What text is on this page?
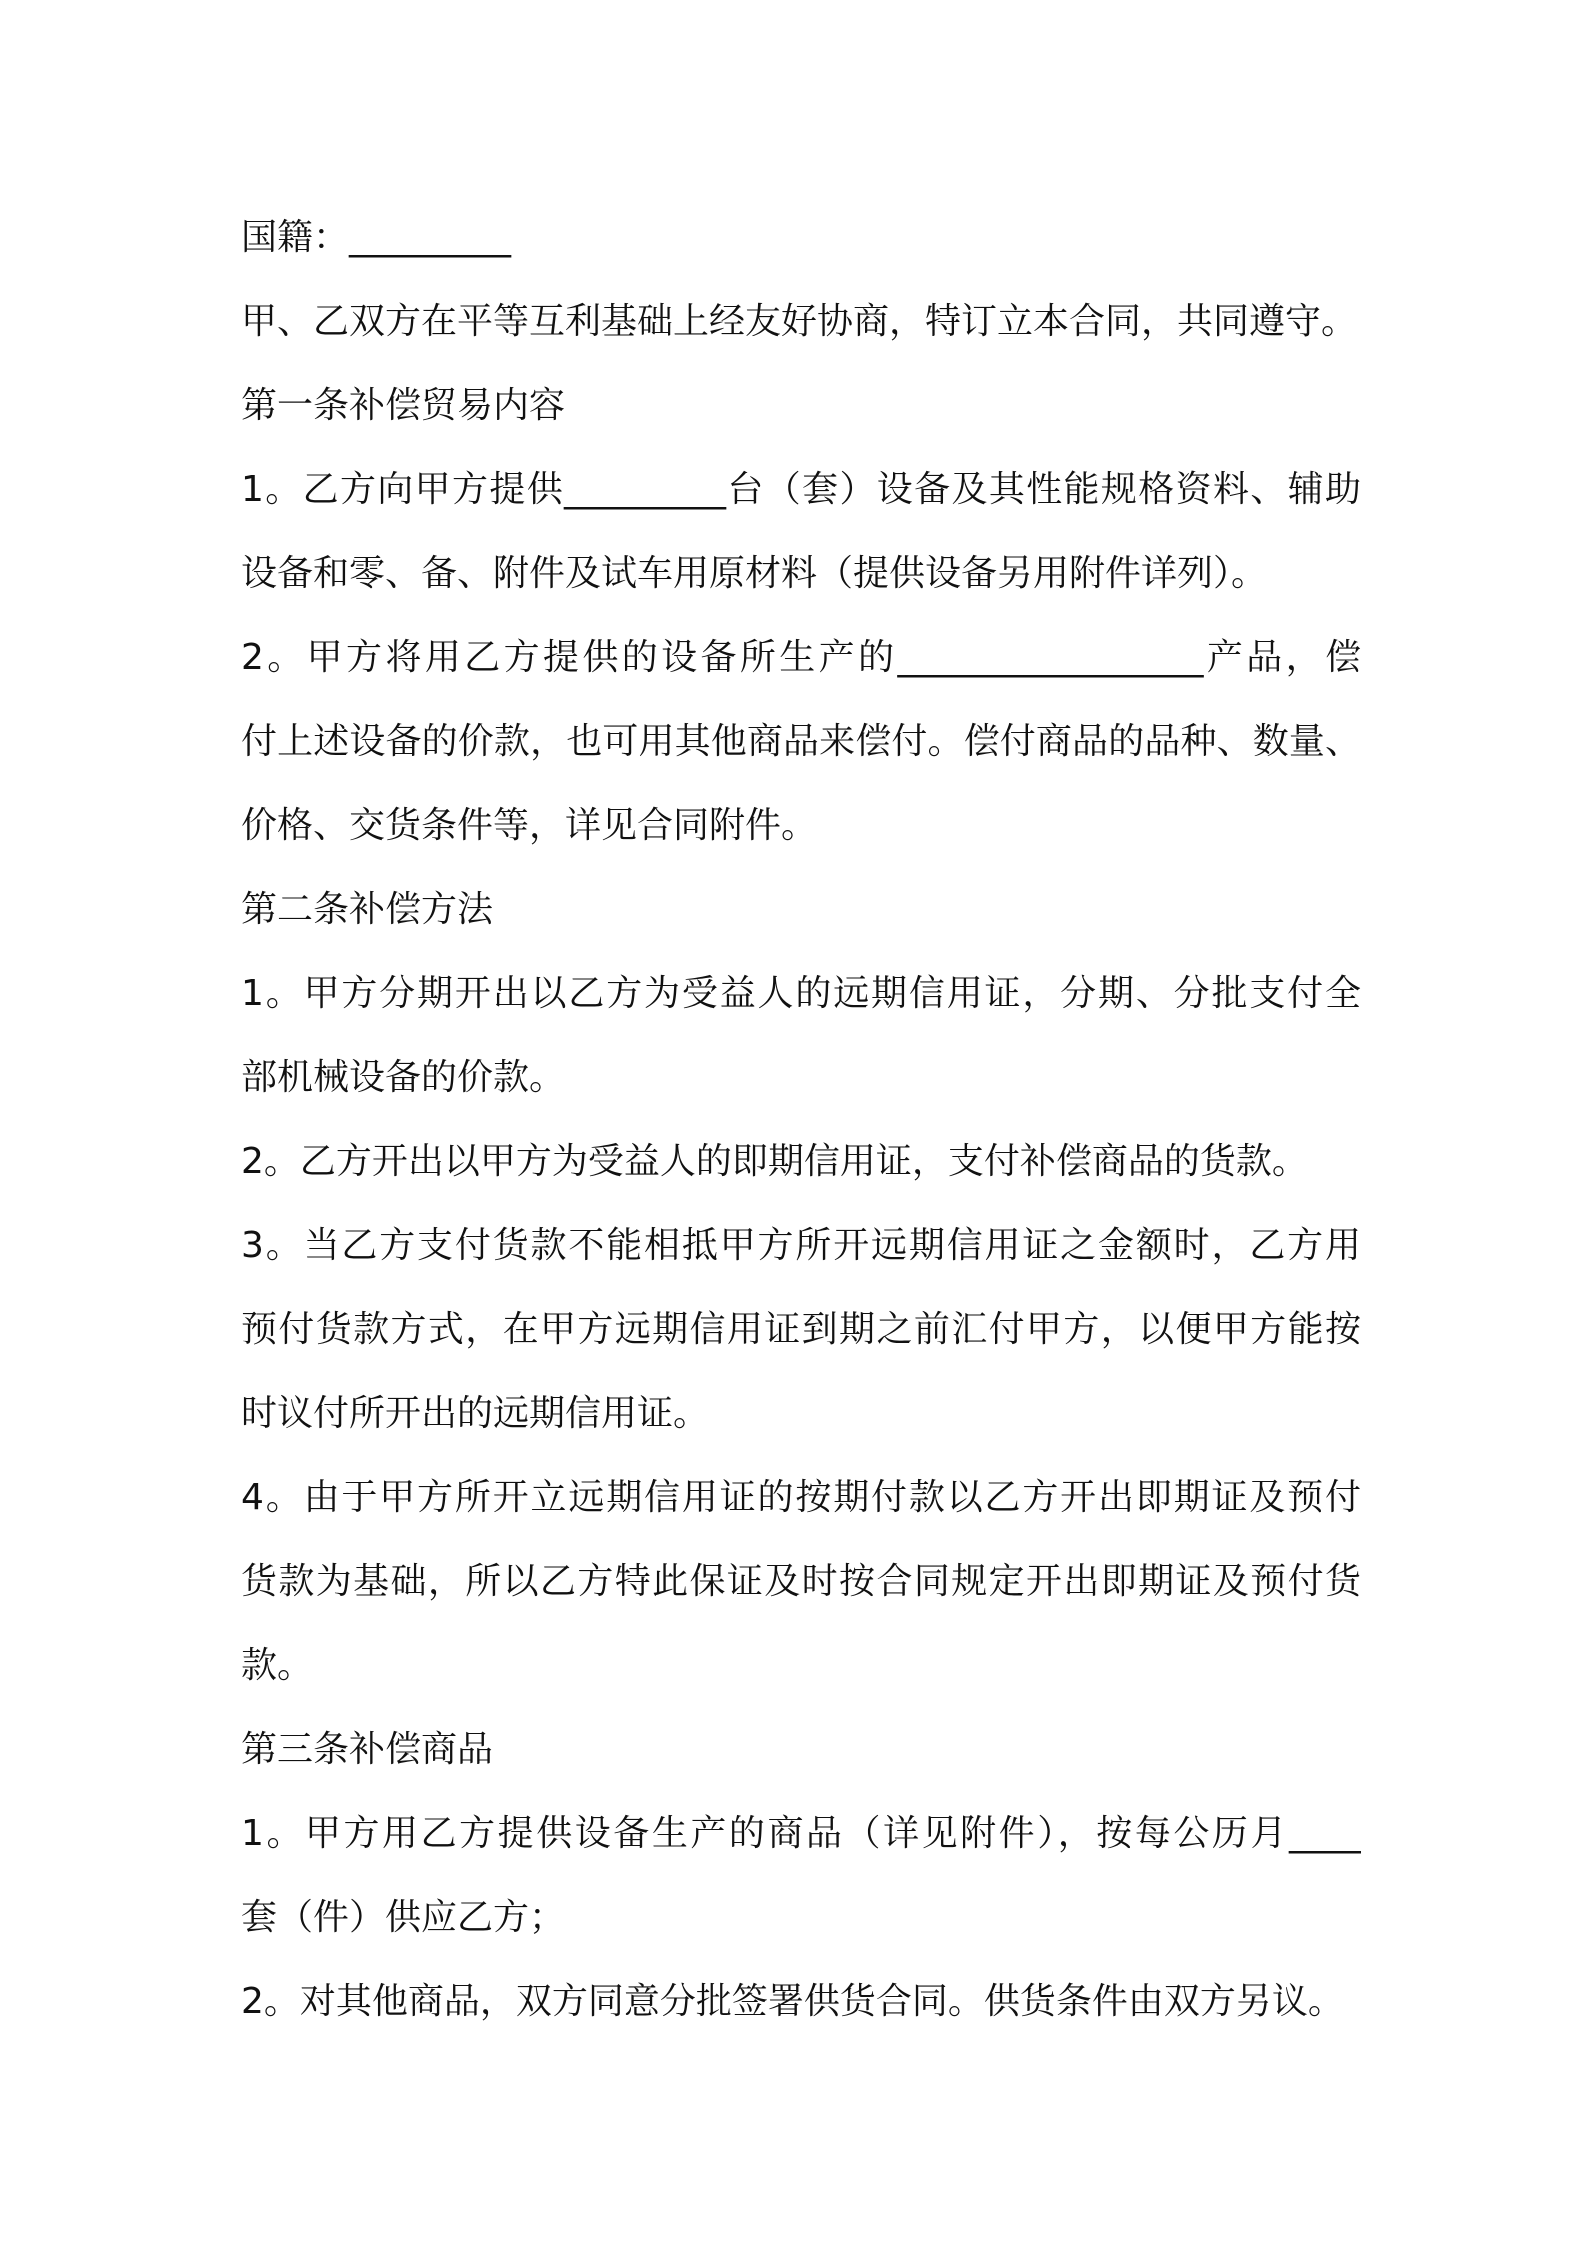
国籍：_________
甲、乙双方在平等互利基础上经友好协商，特订立本合同，共同遵守。
第一条补偿贸易内容
1。乙方向甲方提供_________台（套）设备及其性能规格资料、辅助
设备和零、备、附件及试车用原材料（提供设备另用附件详列）。
2。甲方将用乙方提供的设备所生产的_________________产品，偿
付上述设备的价款，也可用其他商品来偿付。偿付商品的品种、数量、
价格、交货条件等，详见合同附件。
第二条补偿方法
1。甲方分期开出以乙方为受益人的远期信用证，分期、分批支付全
部机械设备的价款。
2。乙方开出以甲方为受益人的即期信用证，支付补偿商品的货款。
3。当乙方支付货款不能相抵甲方所开远期信用证之金额时，乙方用
预付货款方式，在甲方远期信用证到期之前汇付甲方，以便甲方能按
时议付所开出的远期信用证。
4。由于甲方所开立远期信用证的按期付款以乙方开出即期证及预付
货款为基础，所以乙方特此保证及时按合同规定开出即期证及预付货
款。
第三条补偿商品
1。甲方用乙方提供设备生产的商品（详见附件），按每公历月____
套（件）供应乙方；
2。对其他商品，双方同意分批签署供货合同。供货条件由双方另议。
